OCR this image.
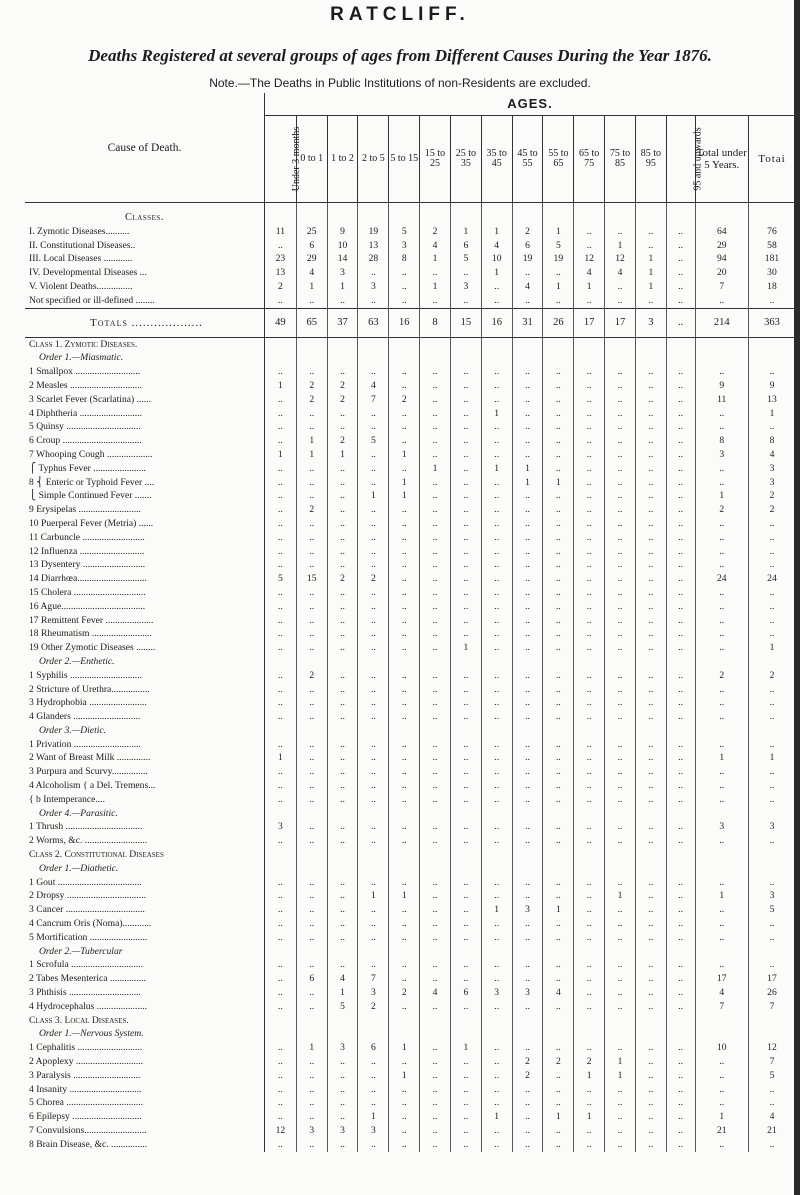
RATCLIFF.
Deaths Registered at several groups of ages from Different Causes During the Year 1876.
Note.—The Deaths in Public Institutions of non-Residents are excluded.
Cause of Death.	AGES.															
	Under 3 months	0 to 1	1 to 2	2 to 5	5 to 15	15 to 25	25 to 35	35 to 45	45 to 55	55 to 65	65 to 75	75 to 85	85 to 95	95 and upwards	Total under 5 Years.	Totai

Classes.																
I. Zymotic Diseases..........	11	25	9	19	5	2	1	1	2	1	..	..	..	..	64	76
II. Constitutional Diseases..	..	6	10	13	3	4	6	4	6	5	..	1	..	..	29	58
III. Local Diseases ............	23	29	14	28	8	1	5	10	19	19	12	12	1	..	94	181
IV. Developmental Diseases ...	13	4	3	..	..	..	..	1	..	..	4	4	1	..	20	30
V. Violent Deaths...............	2	1	1	3	..	1	3	..	4	1	1	..	1	..	7	18
Not specified or ill-defined ........	..	..	..	..	..	..	..	..	..	..	..	..	..	..	..	..
Totals ...................	49	65	37	63	16	8	15	16	31	26	17	17	3	..	214	363
Class 1. Zymotic Diseases.																
Order 1.—Miasmatic.																
1 Smallpox ...........................	..	..	..	..	..	..	..	..	..	..	..	..	..	..	..	..
2 Measles ..............................	1	2	2	4	..	..	..	..	..	..	..	..	..	..	9	9
3 Scarlet Fever (Scarlatina) ......	..	2	2	7	2	..	..	..	..	..	..	..	..	..	11	13
4 Diphtheria ..........................	..	..	..	..	..	..	..	1	..	..	..	..	..	..	..	1
5 Quinsy ...............................	..	..	..	..	..	..	..	..	..	..	..	..	..	..	..	..
6 Croup .................................	..	1	2	5	..	..	..	..	..	..	..	..	..	..	8	8
7 Whooping Cough ...................	1	1	1	..	1	..	..	..	..	..	..	..	..	..	3	4
⎧ Typhus Fever ......................	..	..	..	..	..	1	..	1	1	..	..	..	..	..	..	3
8 ⎨ Enteric or Typhoid Fever ....	..	..	..	..	1	..	..	..	1	1	..	..	..	..	..	3
⎩ Simple Continued Fever .......	..	..	..	1	1	..	..	..	..	..	..	..	..	..	1	2
9 Erysipelas ..........................	..	2	..	..	..	..	..	..	..	..	..	..	..	..	2	2
10 Puerperal Fever (Metria) ......	..	..	..	..	..	..	..	..	..	..	..	..	..	..	..	..
11 Carbuncle ..........................	..	..	..	..	..	..	..	..	..	..	..	..	..	..	..	..
12 Influenza ...........................	..	..	..	..	..	..	..	..	..	..	..	..	..	..	..	..
13 Dysentery ..........................	..	..	..	..	..	..	..	..	..	..	..	..	..	..	..	..
14 Diarrhœa.............................	5	15	2	2	..	..	..	..	..	..	..	..	..	..	24	24
15 Cholera ..............................	..	..	..	..	..	..	..	..	..	..	..	..	..	..	..	..
16 Ague...................................	..	..	..	..	..	..	..	..	..	..	..	..	..	..	..	..
17 Remittent Fever ....................	..	..	..	..	..	..	..	..	..	..	..	..	..	..	..	..
18 Rheumatism .........................	..	..	..	..	..	..	..	..	..	..	..	..	..	..	..	..
19 Other Zymotic Diseases ........	..	..	..	..	..	..	1	..	..	..	..	..	..	..	..	1
Order 2.—Enthetic.																
1 Syphilis ..............................	..	2	..	..	..	..	..	..	..	..	..	..	..	..	2	2
2 Stricture of Urethra................	..	..	..	..	..	..	..	..	..	..	..	..	..	..	..	..
3 Hydrophobia ........................	..	..	..	..	..	..	..	..	..	..	..	..	..	..	..	..
4 Glanders ............................	..	..	..	..	..	..	..	..	..	..	..	..	..	..	..	..
Order 3.—Dietic.																
1 Privation ............................	..	..	..	..	..	..	..	..	..	..	..	..	..	..	..	..
2 Want of Breast Milk ..............	1	..	..	..	..	..	..	..	..	..	..	..	..	..	1	1
3 Purpura and Scurvy...............	..	..	..	..	..	..	..	..	..	..	..	..	..	..	..	..
4 Alcoholism { a Del. Tremens...	..	..	..	..	..	..	..	..	..	..	..	..	..	..	..	..
{ b Intemperance....	..	..	..	..	..	..	..	..	..	..	..	..	..	..	..	..
Order 4.—Parasitic.																
1 Thrush ................................	3	..	..	..	..	..	..	..	..	..	..	..	..	..	3	3
2 Worms, &c. ..........................	..	..	..	..	..	..	..	..	..	..	..	..	..	..	..	..
Class 2. Constitutional Diseases																
Order 1.—Diathetic.																
1 Gout ...................................	..	..	..	..	..	..	..	..	..	..	..	..	..	..	..	..
2 Dropsy .................................	..	..	..	1	1	..	..	..	..	..	..	1	..	..	1	3
3 Cancer .................................	..	..	..	..	..	..	..	1	3	1	..	..	..	..	..	5
4 Cancrum Oris (Noma)............	..	..	..	..	..	..	..	..	..	..	..	..	..	..	..	..
5 Mortification ........................	..	..	..	..	..	..	..	..	..	..	..	..	..	..	..	..
Order 2.—Tubercular																
1 Scrofula ..............................	..	..	..	..	..	..	..	..	..	..	..	..	..	..	..	..
2 Tabes Mesenterica ...............	..	6	4	7	..	..	..	..	..	..	..	..	..	..	17	17
3 Phthisis ..............................	..	..	1	3	2	4	6	3	3	4	..	..	..	..	4	26
4 Hydrocephalus .....................	..	..	5	2	..	..	..	..	..	..	..	..	..	..	7	7
Class 3. Local Diseases.																
Order 1.—Nervous System.																
1 Cephalitis ...........................	..	1	3	6	1	..	1	..	..	..	..	..	..	..	10	12
2 Apoplexy ............................	..	..	..	..	..	..	..	..	2	2	2	1	..	..	..	7
3 Paralysis ............................	..	..	..	..	1	..	..	..	2	..	1	1	..	..	..	5
4 Insanity ..............................	..	..	..	..	..	..	..	..	..	..	..	..	..	..	..	..
5 Chorea ................................	..	..	..	..	..	..	..	..	..	..	..	..	..	..	..	..
6 Epilepsy .............................	..	..	..	1	..	..	..	1	..	1	1	..	..	..	1	4
7 Convulsions..........................	12	3	3	3	..	..	..	..	..	..	..	..	..	..	21	21
8 Brain Disease, &c. ...............	..	..	..	..	..	..	..	..	..	..	..	..	..	..	..	..
